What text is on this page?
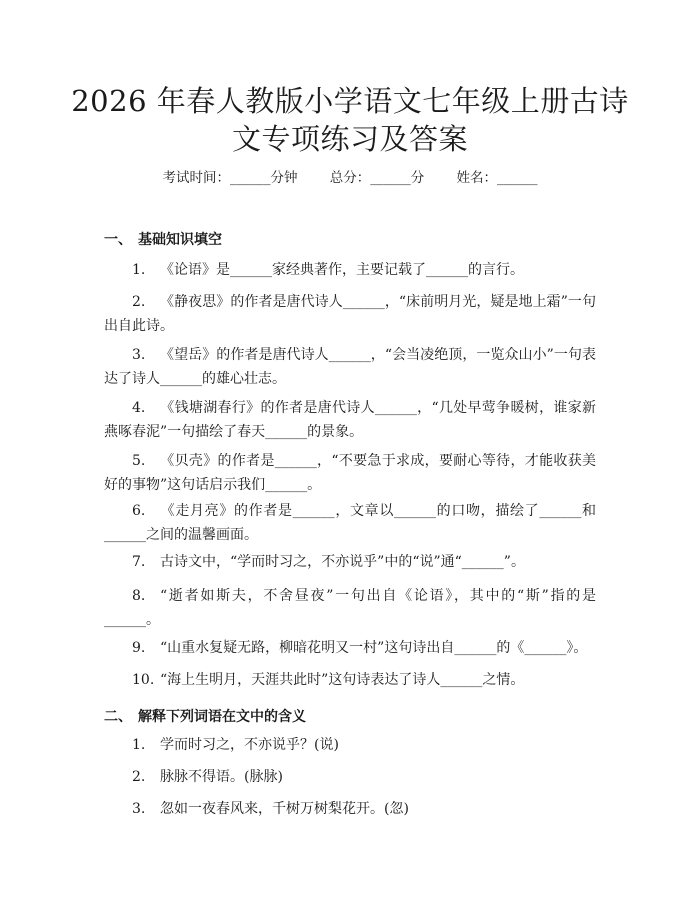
2026 年春人教版小学语文七年级上册古诗文专项练习及答案
考试时间：______分钟 总分：______分 姓名：______
一、 基础知识填空
1. 《论语》是______家经典著作，主要记载了______的言行。
2. 《静夜思》的作者是唐代诗人______，“床前明月光，疑是地上霜”一句出自此诗。
3. 《望岳》的作者是唐代诗人______，“会当凌绝顶，一览众山小”一句表达了诗人______的雄心壮志。
4. 《钱塘湖春行》的作者是唐代诗人______，“几处早莺争暖树，谁家新燕啄春泥”一句描绘了春天______的景象。
5. 《贝壳》的作者是______，“不要急于求成，要耐心等待，才能收获美好的事物”这句话启示我们______。
6. 《走月亮》的作者是______，文章以______的口吻，描绘了______和______之间的温馨画面。
7. 古诗文中，“学而时习之，不亦说乎”中的“说”通“______”。
8. “逝者如斯夫，不舍昼夜”一句出自《论语》，其中的“斯”指的是______。
9. “山重水复疑无路，柳暗花明又一村”这句诗出自______的《______》。
10. “海上生明月，天涯共此时”这句诗表达了诗人______之情。
二、 解释下列词语在文中的含义
1. 学而时习之，不亦说乎？(说)
2. 脉脉不得语。(脉脉)
3. 忽如一夜春风来，千树万树梨花开。(忽)
